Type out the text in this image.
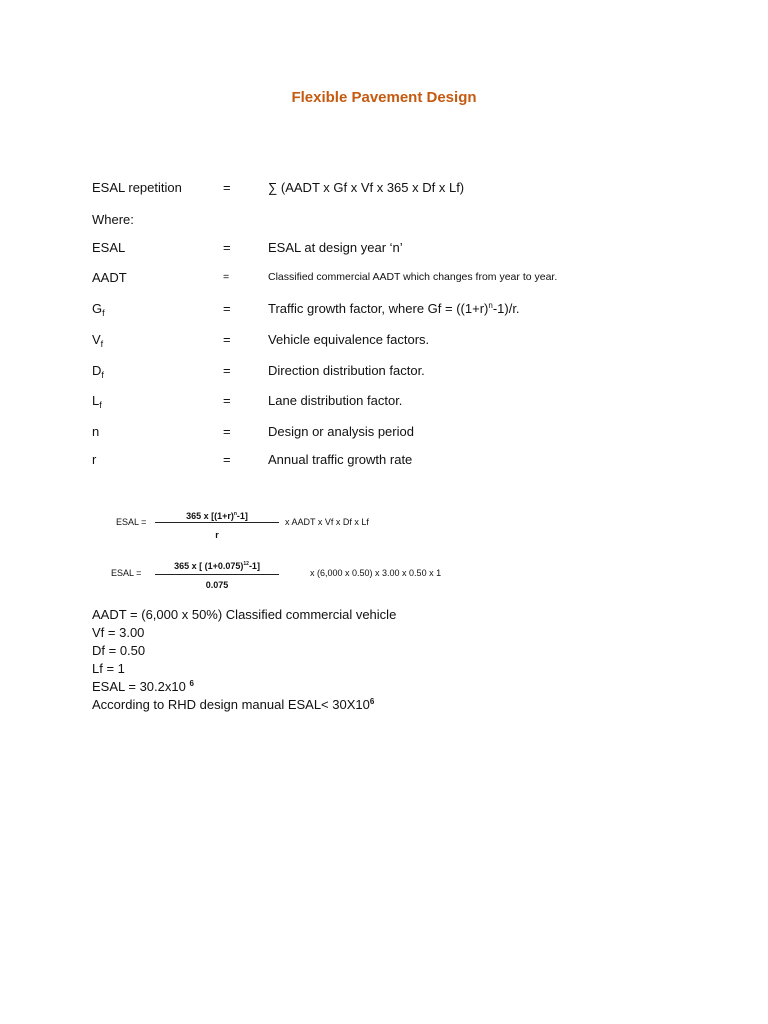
Flexible Pavement Design
ESAL repetition	=	∑ (AADT x Gf x Vf x 365 x Df x Lf)
Where:
ESAL	=	ESAL at design year ‘n’
AADT	=	Classified commercial AADT which changes from year to year.
$G_f$	=	Traffic growth factor, where $Gf = ((1+r)^n-1)/r$.
$V_f$	=	Vehicle equivalence factors.
$D_f$	=	Direction distribution factor.
$L_f$	=	Lane distribution factor.
n	=	Design or analysis period
r	=	Annual traffic growth rate
ESAL =
365 x $[(1+r)^n-1]$
r
x AADT x Vf x Df x Lf
ESAL =
365 x [ $(1+0.075)^{12}-1$]
0.075
x (6,000 x 0.50) x 3.00 x 0.50 x 1
AADT = (6,000 x 50%) Classified commercial vehicle
Vf = 3.00
Df = 0.50
Lf = 1
ESAL = 30.2x10 $^6$
According to RHD design manual ESAL< $30X10^6$
